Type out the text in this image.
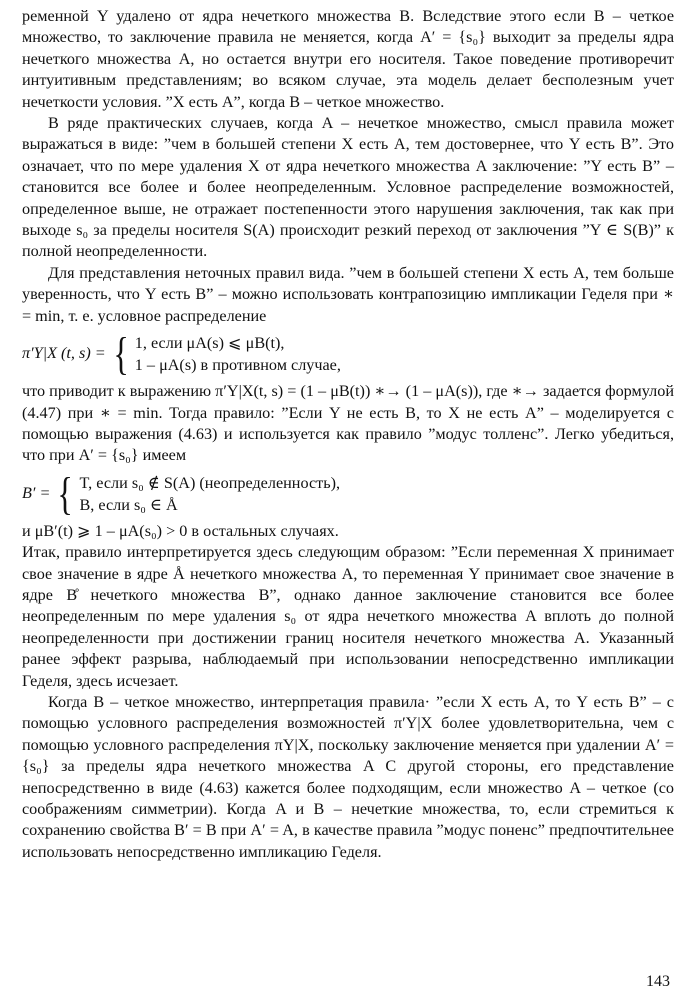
ременной Y удалено от ядра нечеткого множества B. Вследствие этого если B – четкое множество, то заключение правила не меняется, когда A′ = {s₀} выходит за пределы ядра нечеткого множества A, но остается внутри его носителя. Такое поведение противоречит интуитивным представлениям; во всяком случае, эта модель делает бесполезным учет нечеткости условия. ”X есть A”, когда B – четкое множество.

В ряде практических случаев, когда A – нечеткое множество, смысл правила может выражаться в виде: ”чем в большей степени X есть A, тем достовернее, что Y есть B”. Это означает, что по мере удаления X от ядра нечеткого множества A заключение: ”Y есть B” – становится все более и более неопределенным. Условное распределение возможностей, определенное выше, не отражает постепенности этого нарушения заключения, так как при выходе s₀ за пределы носителя S(A) происходит резкий переход от заключения ”Y ∈ S(B)” к полной неопределенности.

Для представления неточных правил вида. ”чем в большей степени X есть A, тем больше уверенность, что Y есть B” – можно использовать контрапозицию импликации Геделя при ∗ = min, т. е. условное распределение

π′Y|X (t, s) = { 1, если μA(s) ⩽ μB(t),
1 – μA(s) в противном случае,

что приводит к выражению π′Y|X(t, s) = (1 – μB(t)) ∗→ (1 – μA(s)), где ∗→ задается формулой (4.47) при ∗ = min. Тогда правило: ”Если Y не есть B, то X не есть A” – моделируется с помощью выражения (4.63) и используется как правило ”модус толленс”. Легко убедиться, что при A′ = {s₀} имеем

B′ = { T, если s₀ ∉ S(A) (неопределенность),
B, если s₀ ∈ Å

и μB′(t) ⩾ 1 – μA(s₀) > 0 в остальных случаях.

Итак, правило интерпретируется здесь следующим образом: ”Если переменная X принимает свое значение в ядре Å нечеткого множества A, то переменная Y принимает свое значение в ядре B̊ нечеткого множества B”, однако данное заключение становится все более неопределенным по мере удаления s₀ от ядра нечеткого множества A вплоть до полной неопределенности при достижении границ носителя нечеткого множества A. Указанный ранее эффект разрыва, наблюдаемый при использовании непосредственно импликации Геделя, здесь исчезает.

Когда B – четкое множество, интерпретация правила· ”если X есть A, то Y есть B” – с помощью условного распределения возможностей π′Y|X более удовлетворительна, чем с помощью условного распределения πY|X, поскольку заключение меняется при удалении A′ = {s₀} за пределы ядра нечеткого множества A С другой стороны, его представление непосредственно в виде (4.63) кажется более подходящим, если множество A – четкое (со соображениям симметрии). Когда A и B – нечеткие множества, то, если стремиться к сохранению свойства B′ = B при A′ = A, в качестве правила ”модус поненс” предпочтительнее использовать непосредственно импликацию Геделя.

143
